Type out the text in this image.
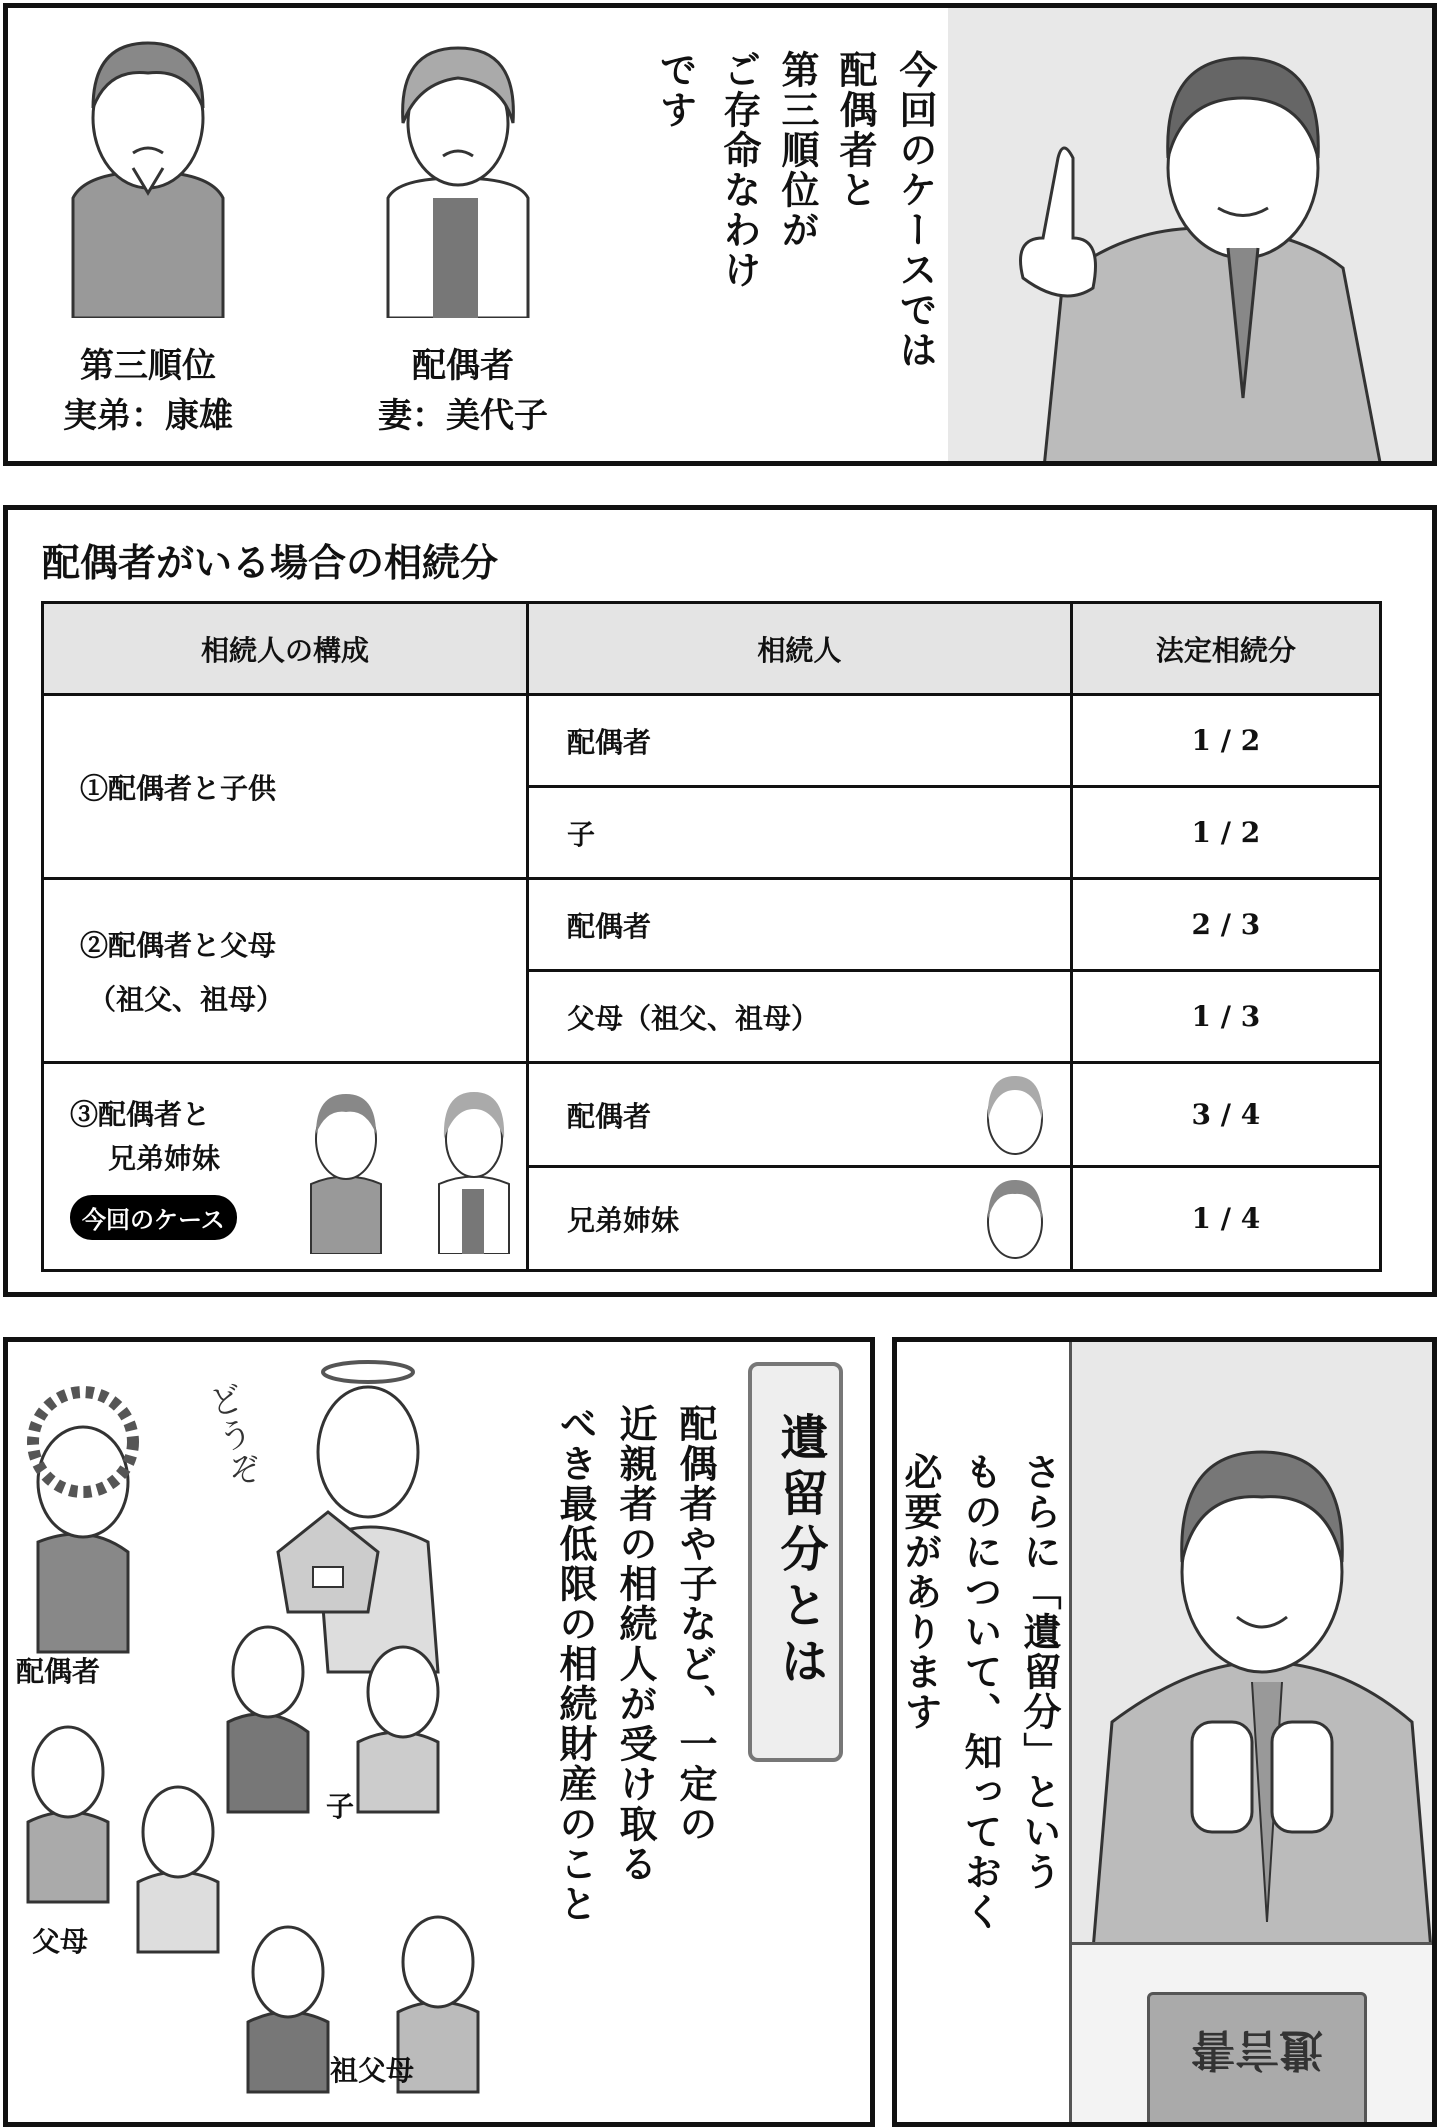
第三順位
実弟：康雄
配偶者
妻：美代子
今回のケースでは
配偶者と
第三順位が
ご存命なわけ
です
配偶者がいる場合の相続分
相続人の構成	相続人	法定相続分
①配偶者と子供	配偶者	1 / 2
	子	1 / 2

②配偶者と父母
（祖父、祖母）	配偶者	2 / 3
	父母（祖父、祖母）	1 / 3

③配偶者と
兄弟姉妹
今回のケース	配偶者	3 / 4
	兄弟姉妹	1 / 4
どうぞ
配偶者
子
父母
祖父母
遺留分とは
配偶者や子など、一定の
近親者の相続人が受け取る
べき最低限の相続財産のこと
遺言書
さらに「遺留分」という
ものについて、知っておく
必要があります
